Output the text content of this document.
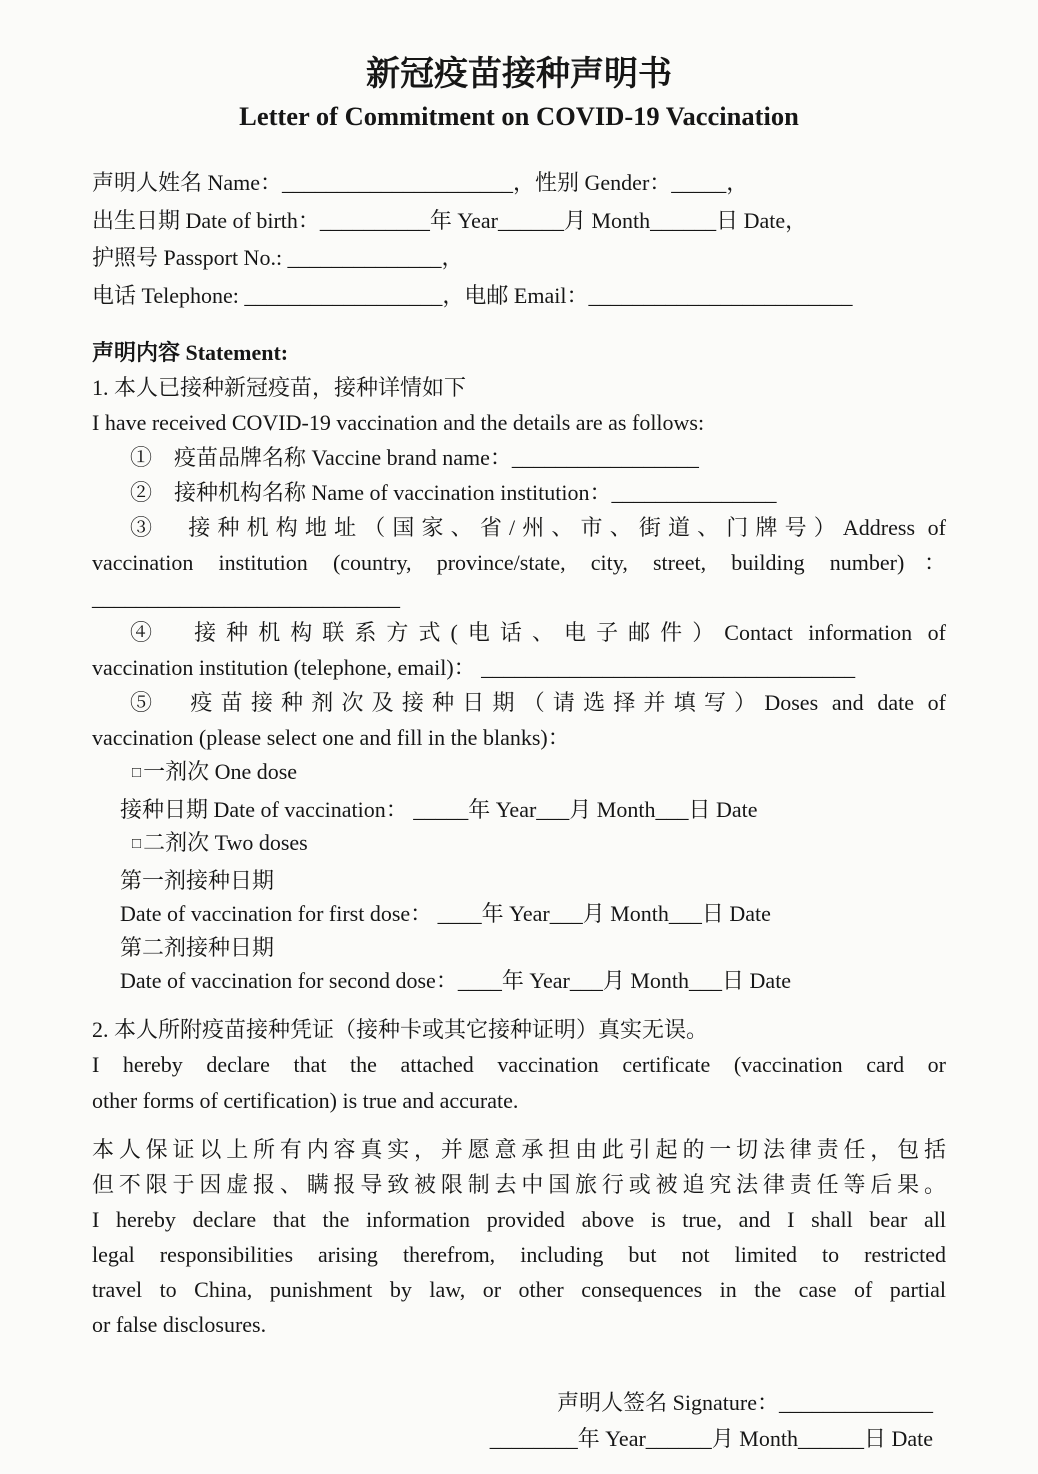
新冠疫苗接种声明书
Letter of Commitment on COVID-19 Vaccination
声明人姓名 Name：_____________________，性别 Gender：_____，
出生日期 Date of birth：__________年 Year______月 Month______日 Date，
护照号 Passport No.: ______________，
电话 Telephone: __________________，电邮 Email：________________________
声明内容 Statement:
1. 本人已接种新冠疫苗，接种详情如下
I have received COVID-19 vaccination and the details are as follows:
①　疫苗品牌名称 Vaccine brand name：_________________
②　接种机构名称 Name of vaccination institution：_______________
③　接种机构地址（国家、省/州、市、街道、门牌号）Address of
vaccination institution (country, province/state, city, street, building number)：
____________________________
④　接种机构联系方式(电话、电子邮件）Contact information of
vaccination institution (telephone, email)： __________________________________
⑤　疫苗接种剂次及接种日期（请选择并填写）Doses and date of
vaccination (please select one and fill in the blanks)：
□一剂次 One dose
接种日期 Date of vaccination： _____年 Year___月 Month___日 Date
□二剂次 Two doses
第一剂接种日期
Date of vaccination for first dose： ____年 Year___月 Month___日 Date
第二剂接种日期
Date of vaccination for second dose：____年 Year___月 Month___日 Date
2. 本人所附疫苗接种凭证（接种卡或其它接种证明）真实无误。
I hereby declare that the attached vaccination certificate (vaccination card or
other forms of certification) is true and accurate.
本人保证以上所有内容真实，并愿意承担由此引起的一切法律责任，包括
但不限于因虚报、瞒报导致被限制去中国旅行或被追究法律责任等后果。
I hereby declare that the information provided above is true, and I shall bear all
legal responsibilities arising therefrom, including but not limited to restricted
travel to China, punishment by law, or other consequences in the case of partial
or false disclosures.
声明人签名 Signature：______________
________年 Year______月 Month______日 Date
